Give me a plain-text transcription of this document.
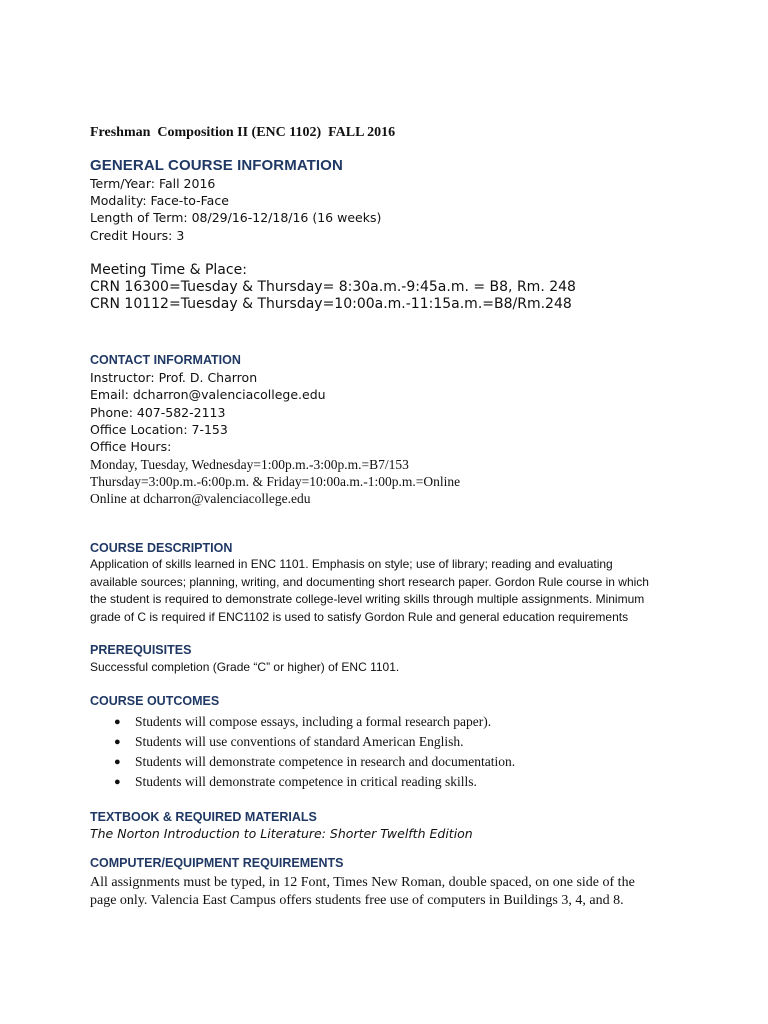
Freshman  Composition II (ENC 1102)  FALL 2016
GENERAL COURSE INFORMATION
Term/Year: Fall 2016
Modality: Face-to-Face
Length of Term: 08/29/16-12/18/16 (16 weeks)
Credit Hours: 3
Meeting Time & Place:
CRN 16300=Tuesday & Thursday= 8:30a.m.-9:45a.m. = B8, Rm. 248
CRN 10112=Tuesday & Thursday=10:00a.m.-11:15a.m.=B8/Rm.248
CONTACT INFORMATION
Instructor: Prof. D. Charron
Email: dcharron@valenciacollege.edu
Phone: 407-582-2113
Office Location: 7-153
Office Hours:
Monday, Tuesday, Wednesday=1:00p.m.-3:00p.m.=B7/153
Thursday=3:00p.m.-6:00p.m. & Friday=10:00a.m.-1:00p.m.=Online
Online at dcharron@valenciacollege.edu
COURSE DESCRIPTION
Application of skills learned in ENC 1101. Emphasis on style; use of library; reading and evaluating
available sources; planning, writing, and documenting short research paper. Gordon Rule course in which
the student is required to demonstrate college-level writing skills through multiple assignments. Minimum
grade of C is required if ENC1102 is used to satisfy Gordon Rule and general education requirements
PREREQUISITES
Successful completion (Grade “C” or higher) of ENC 1101.
COURSE OUTCOMES
● Students will compose essays, including a formal research paper).
● Students will use conventions of standard American English.
● Students will demonstrate competence in research and documentation.
● Students will demonstrate competence in critical reading skills.
TEXTBOOK & REQUIRED MATERIALS
The Norton Introduction to Literature: Shorter Twelfth Edition
COMPUTER/EQUIPMENT REQUIREMENTS
All assignments must be typed, in 12 Font, Times New Roman, double spaced, on one side of the
page only. Valencia East Campus offers students free use of computers in Buildings 3, 4, and 8.
